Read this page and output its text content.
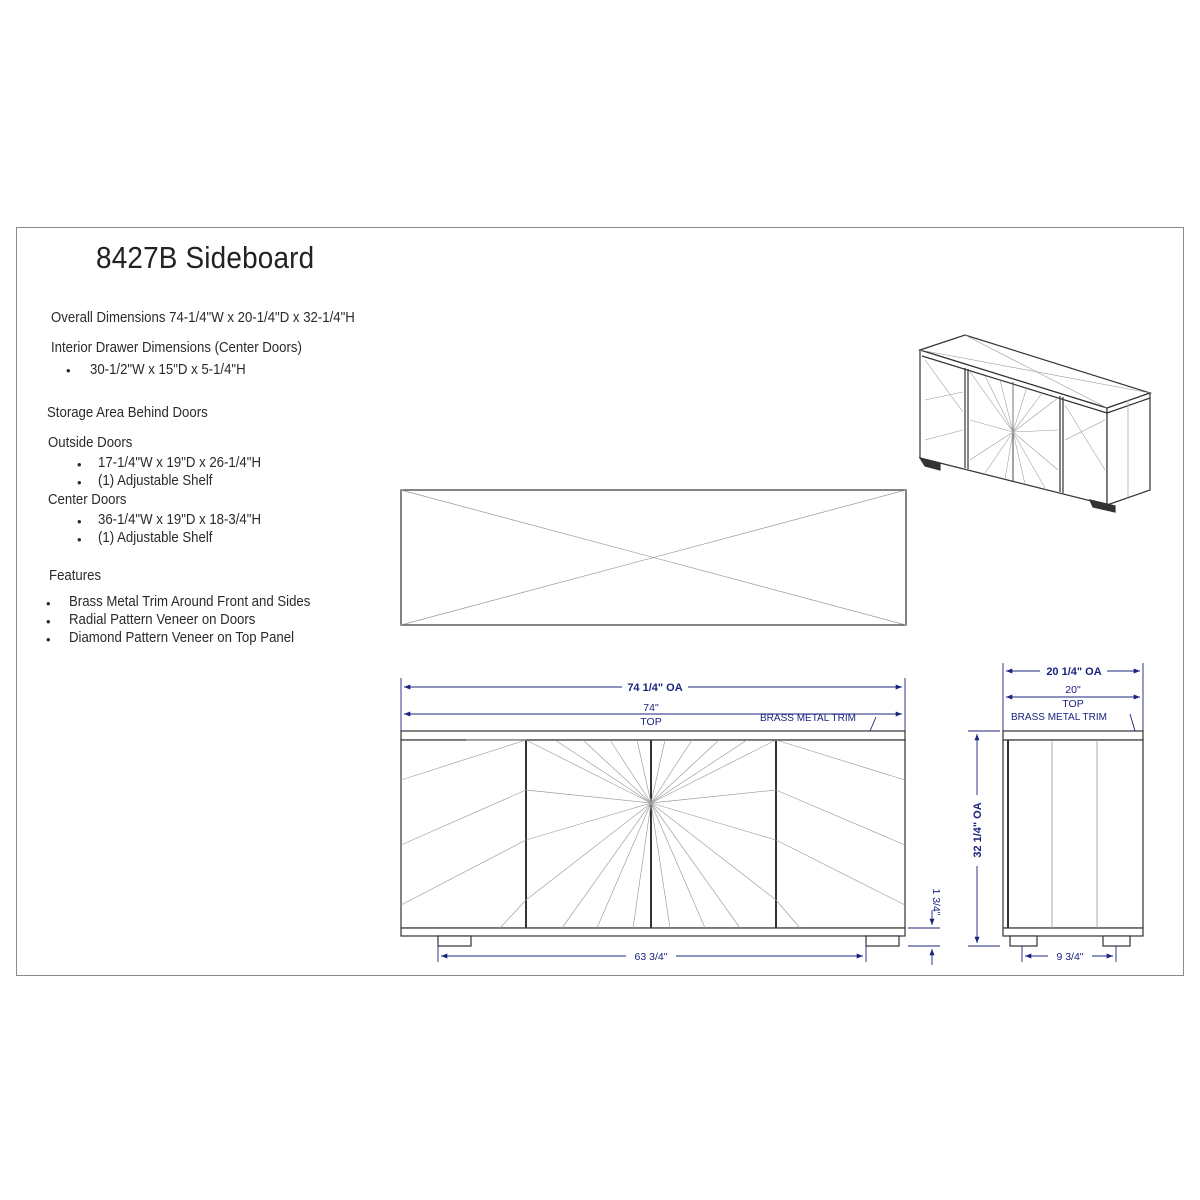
8427B Sideboard
Overall Dimensions 74-1/4"W x 20-1/4"D x 32-1/4"H
Interior Drawer Dimensions (Center Doors)
• 30-1/2"W x 15"D x 5-1/4"H
Storage Area Behind Doors
Outside Doors
• 17-1/4"W x 19"D x 26-1/4"H
• (1) Adjustable Shelf
Center Doors
• 36-1/4"W x 19"D x 18-3/4"H
• (1) Adjustable Shelf
Features
• Brass Metal Trim Around Front and Sides
• Radial Pattern Veneer on Doors
• Diamond Pattern Veneer on Top Panel
74 1/4" OA
74"
TOP	BRASS METAL TRIM
63 3/4"
1 3/4"
20 1/4" OA
20"
TOP
BRASS METAL TRIM
32 1/4" OA
9 3/4"
